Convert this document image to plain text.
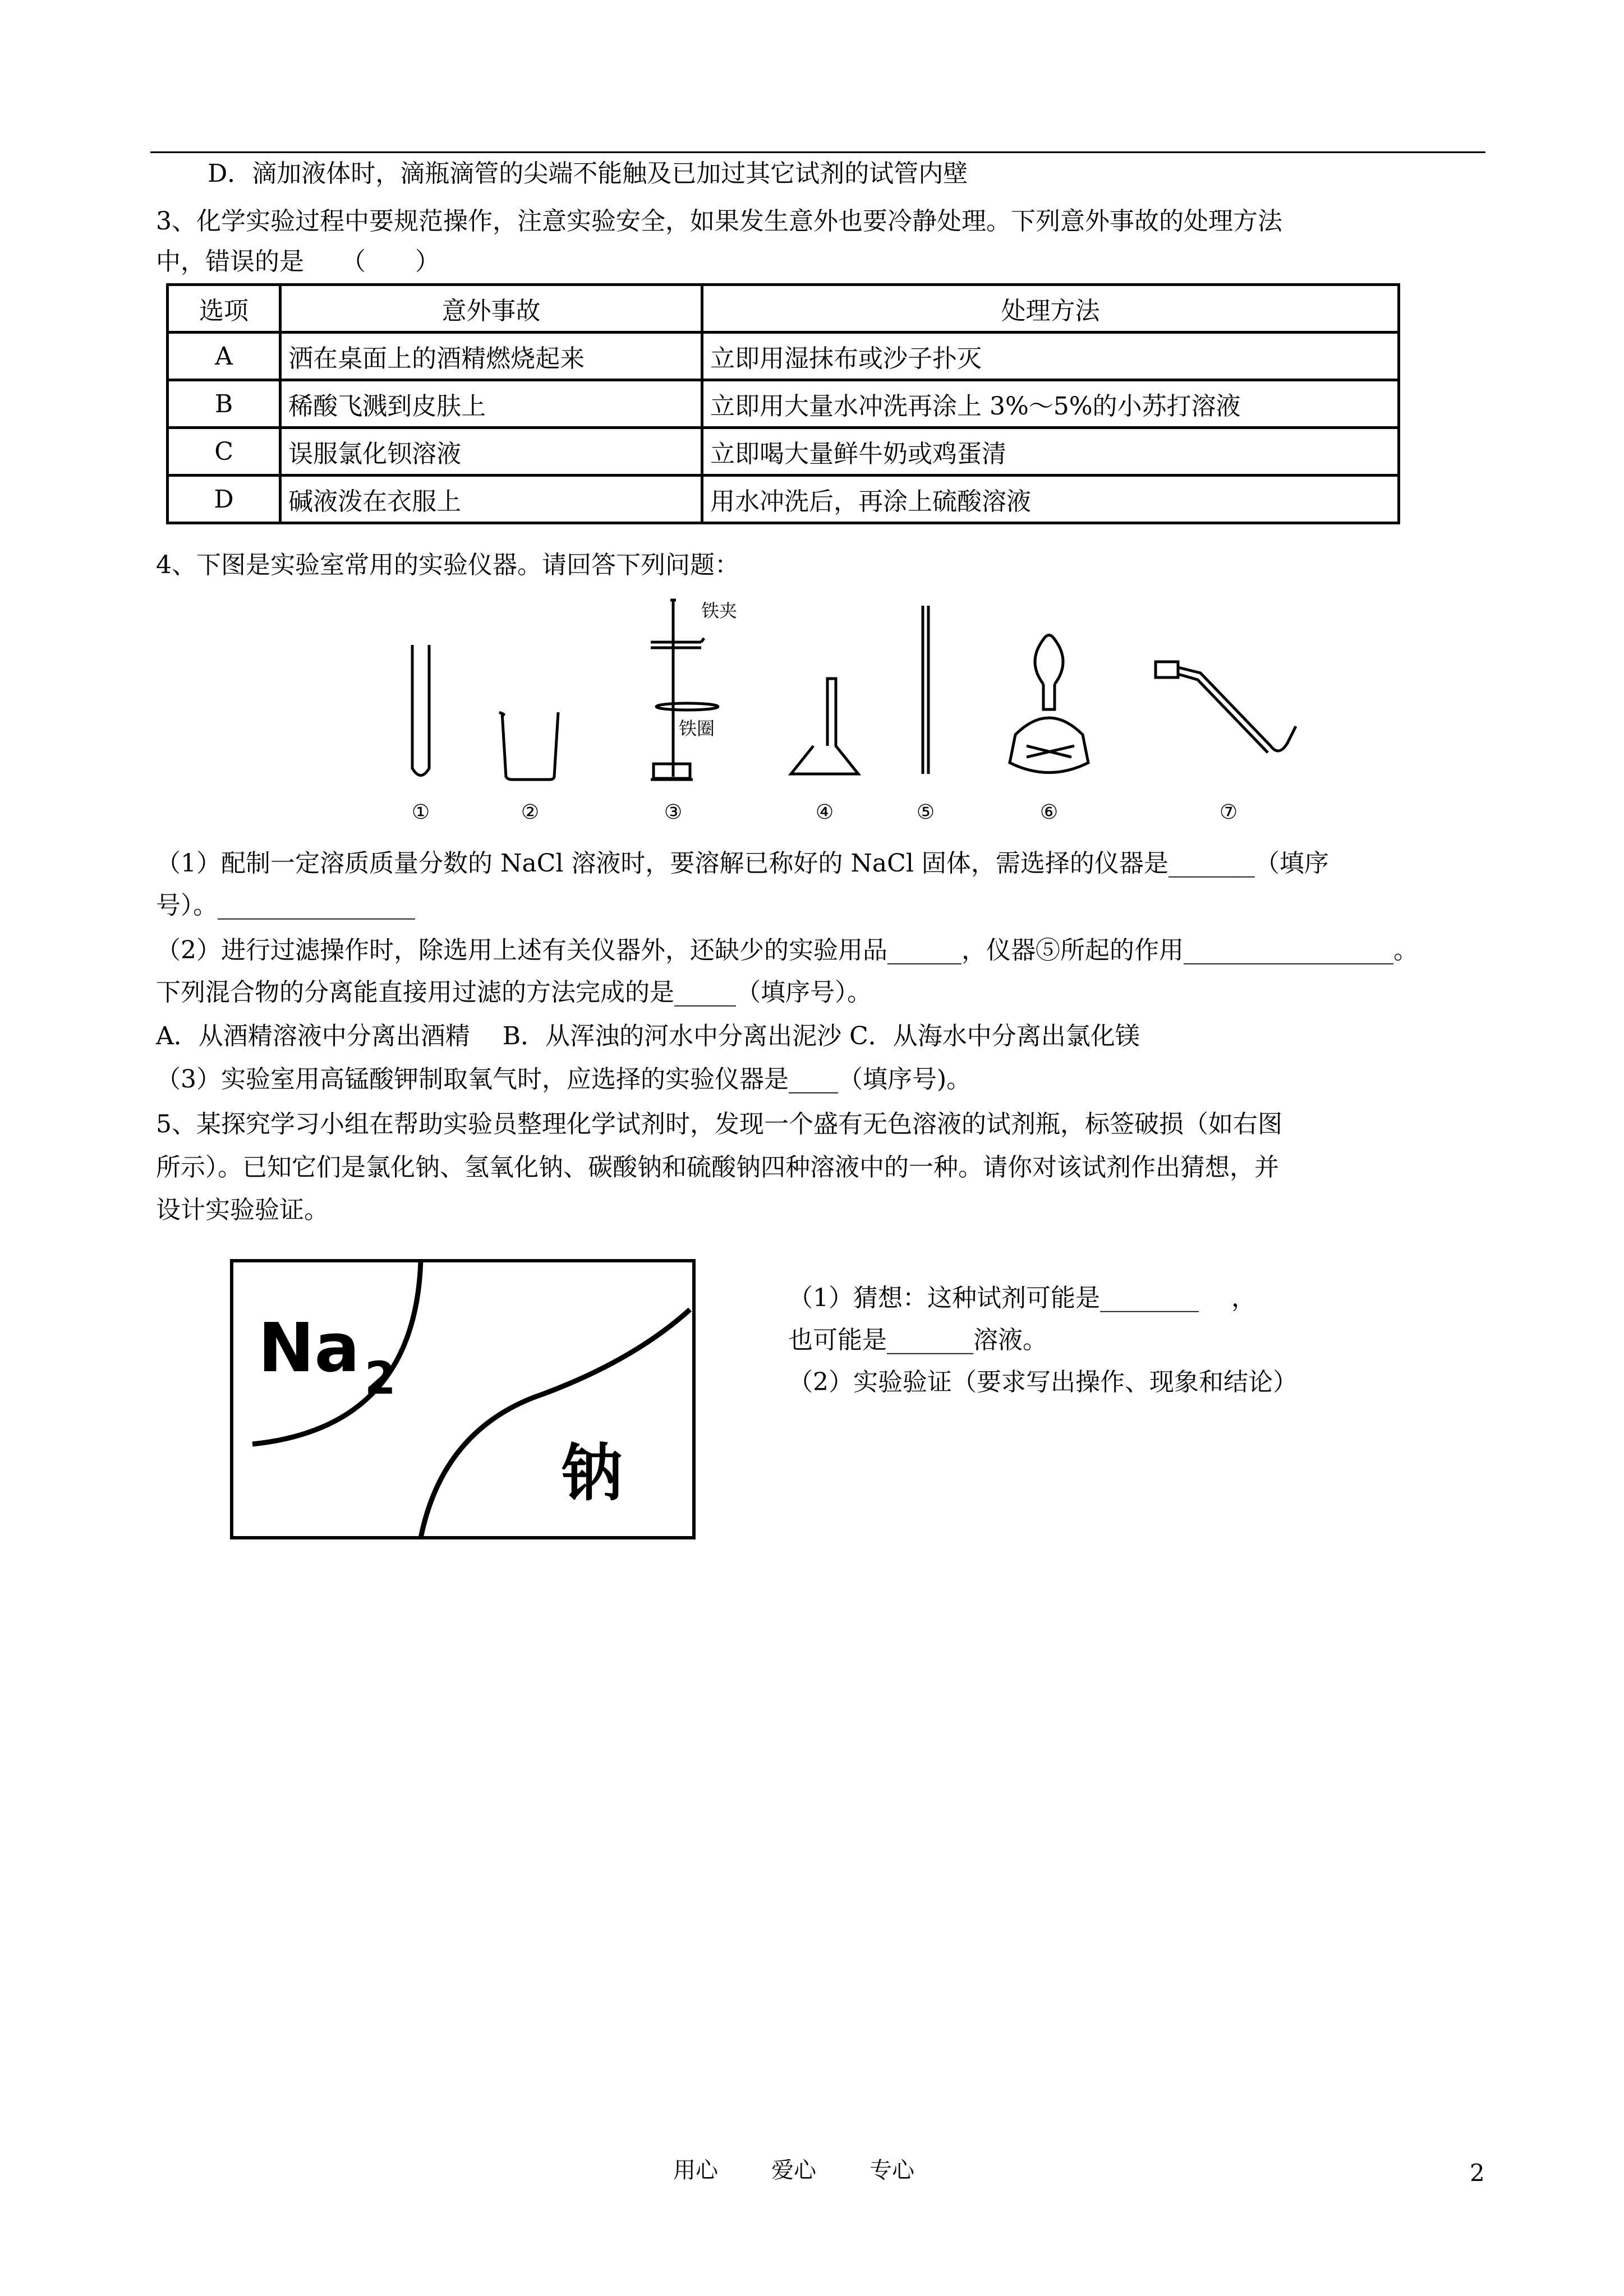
D．滴加液体时，滴瓶滴管的尖端不能触及已加过其它试剂的试管内壁
3、化学实验过程中要规范操作，注意实验安全，如果发生意外也要冷静处理。下列意外事故的处理方法
中，错误的是　　（　　）
选项	意外事故	处理方法
A	洒在桌面上的酒精燃烧起来	立即用湿抹布或沙子扑灭
B	稀酸飞溅到皮肤上	立即用大量水冲洗再涂上 3%～5%的小苏打溶液
C	误服氯化钡溶液	立即喝大量鲜牛奶或鸡蛋清
D	碱液泼在衣服上	用水冲洗后，再涂上硫酸溶液
4、下图是实验室常用的实验仪器。请回答下列问题：
铁夹
铁圈
①	②	③	④	⑤	⑥	⑦
（1）配制一定溶质质量分数的 NaCl 溶液时，要溶解已称好的 NaCl 固体，需选择的仪器是_______（填序
号）。________________
（2）进行过滤操作时，除选用上述有关仪器外，还缺少的实验用品______，仪器⑤所起的作用_________________。
下列混合物的分离能直接用过滤的方法完成的是_____（填序号）。
A．从酒精溶液中分离出酒精　 B．从浑浊的河水中分离出泥沙 C．从海水中分离出氯化镁
（3）实验室用高锰酸钾制取氧气时，应选择的实验仪器是____（填序号)。
5、某探究学习小组在帮助实验员整理化学试剂时，发现一个盛有无色溶液的试剂瓶，标签破损（如右图
所示）。已知它们是氯化钠、氢氧化钠、碳酸钠和硫酸钠四种溶液中的一种。请你对该试剂作出猜想，并
设计实验验证。
Na 2
钠
（1）猜想：这种试剂可能是________　 ，
也可能是_______溶液。
（2）实验验证（要求写出操作、现象和结论）
用心 爱心 专心	2
